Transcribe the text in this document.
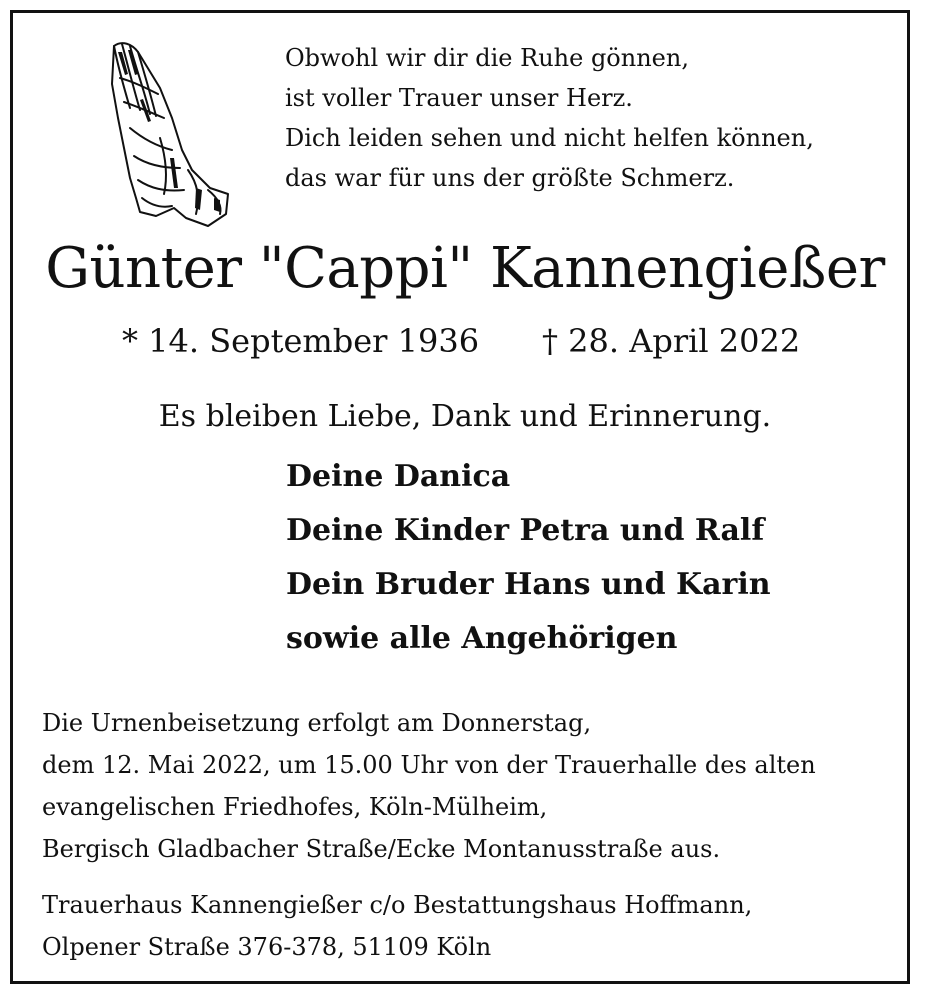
Obwohl wir dir die Ruhe gönnen,
ist voller Trauer unser Herz.
Dich leiden sehen und nicht helfen können,
das war für uns der größte Schmerz.
Günter "Cappi" Kannengießer
* 14. September 1936 † 28. April 2022
Es bleiben Liebe, Dank und Erinnerung.
Deine Danica
Deine Kinder Petra und Ralf
Dein Bruder Hans und Karin
sowie alle Angehörigen
Die Urnenbeisetzung erfolgt am Donnerstag,
dem 12. Mai 2022, um 15.00 Uhr von der Trauerhalle des alten
evangelischen Friedhofes, Köln-Mülheim,
Bergisch Gladbacher Straße/Ecke Montanusstraße aus.
Trauerhaus Kannengießer c/o Bestattungshaus Hoffmann,
Olpener Straße 376-378, 51109 Köln
